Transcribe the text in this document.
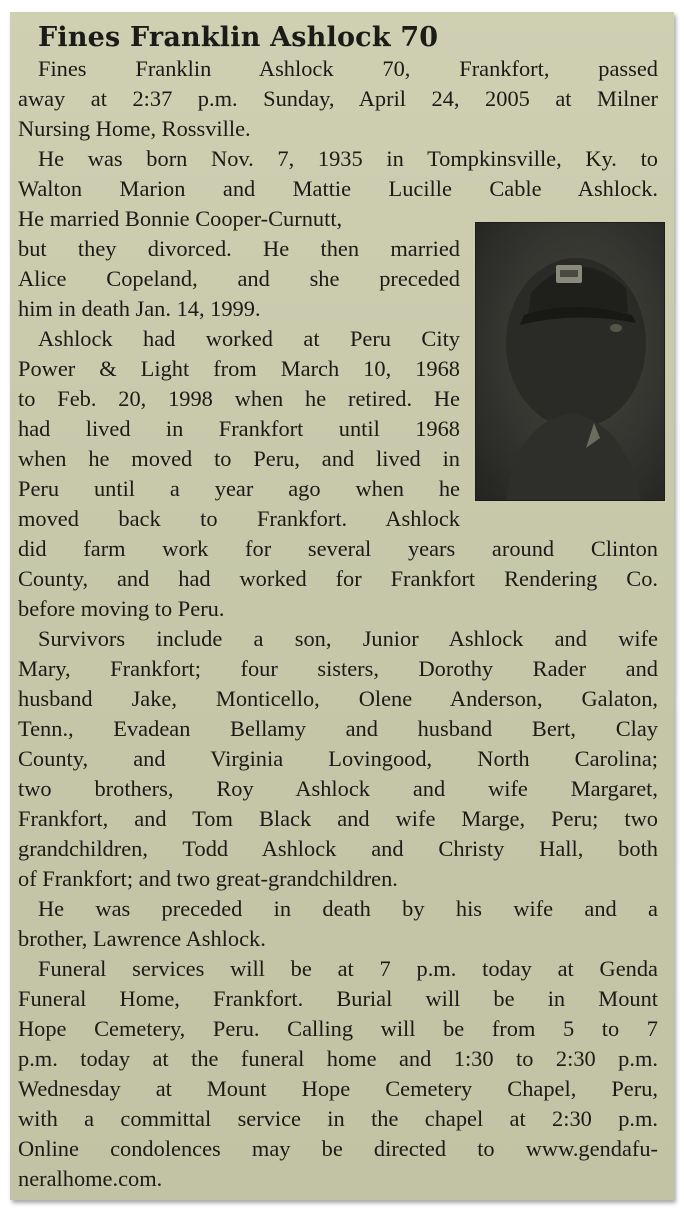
Fines Franklin Ashlock 70
Fines Franklin Ashlock 70, Frankfort, passed
away at 2:37 p.m. Sunday, April 24, 2005 at Milner
Nursing Home, Rossville.
He was born Nov. 7, 1935 in Tompkinsville, Ky. to
Walton Marion and Mattie Lucille Cable Ashlock.
He married Bonnie Cooper-Curnutt,
but they divorced. He then married
Alice Copeland, and she preceded
him in death Jan. 14, 1999.
Ashlock had worked at Peru City
Power & Light from March 10, 1968
to Feb. 20, 1998 when he retired. He
had lived in Frankfort until 1968
when he moved to Peru, and lived in
Peru until a year ago when he
moved back to Frankfort. Ashlock
did farm work for several years around Clinton
County, and had worked for Frankfort Rendering Co.
before moving to Peru.
Survivors include a son, Junior Ashlock and wife
Mary, Frankfort; four sisters, Dorothy Rader and
husband Jake, Monticello, Olene Anderson, Galaton,
Tenn., Evadean Bellamy and husband Bert, Clay
County, and Virginia Lovingood, North Carolina;
two brothers, Roy Ashlock and wife Margaret,
Frankfort, and Tom Black and wife Marge, Peru; two
grandchildren, Todd Ashlock and Christy Hall, both
of Frankfort; and two great-grandchildren.
He was preceded in death by his wife and a
brother, Lawrence Ashlock.
Funeral services will be at 7 p.m. today at Genda
Funeral Home, Frankfort. Burial will be in Mount
Hope Cemetery, Peru. Calling will be from 5 to 7
p.m. today at the funeral home and 1:30 to 2:30 p.m.
Wednesday at Mount Hope Cemetery Chapel, Peru,
with a committal service in the chapel at 2:30 p.m.
Online condolences may be directed to www.gendafu-
neralhome.com.
